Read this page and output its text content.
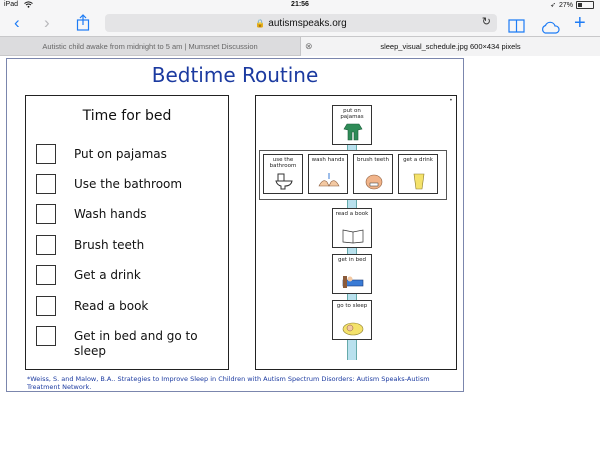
iPad	21:56	➶ 27%
‹ ›	🔒 autismspeaks.org	↻	+
Autistic child awake from midnight to 5 am | Mumsnet Discussion	sleep_visual_schedule.jpg 600×434 pixels
⊗
Bedtime Routine
Time for bed
Put on pajamas
Use the bathroom
Wash hands
Brush teeth
Get a drink
Read a book
Get in bed and go to sleep
•
put on pajamas
use the bathroom
wash hands	brush teeth	get a drink
read a book
get in bed
go to sleep
*Weiss, S. and Malow, B.A.. Strategies to Improve Sleep in Children with Autism Spectrum Disorders: Autism Speaks-Autism Treatment Network.
